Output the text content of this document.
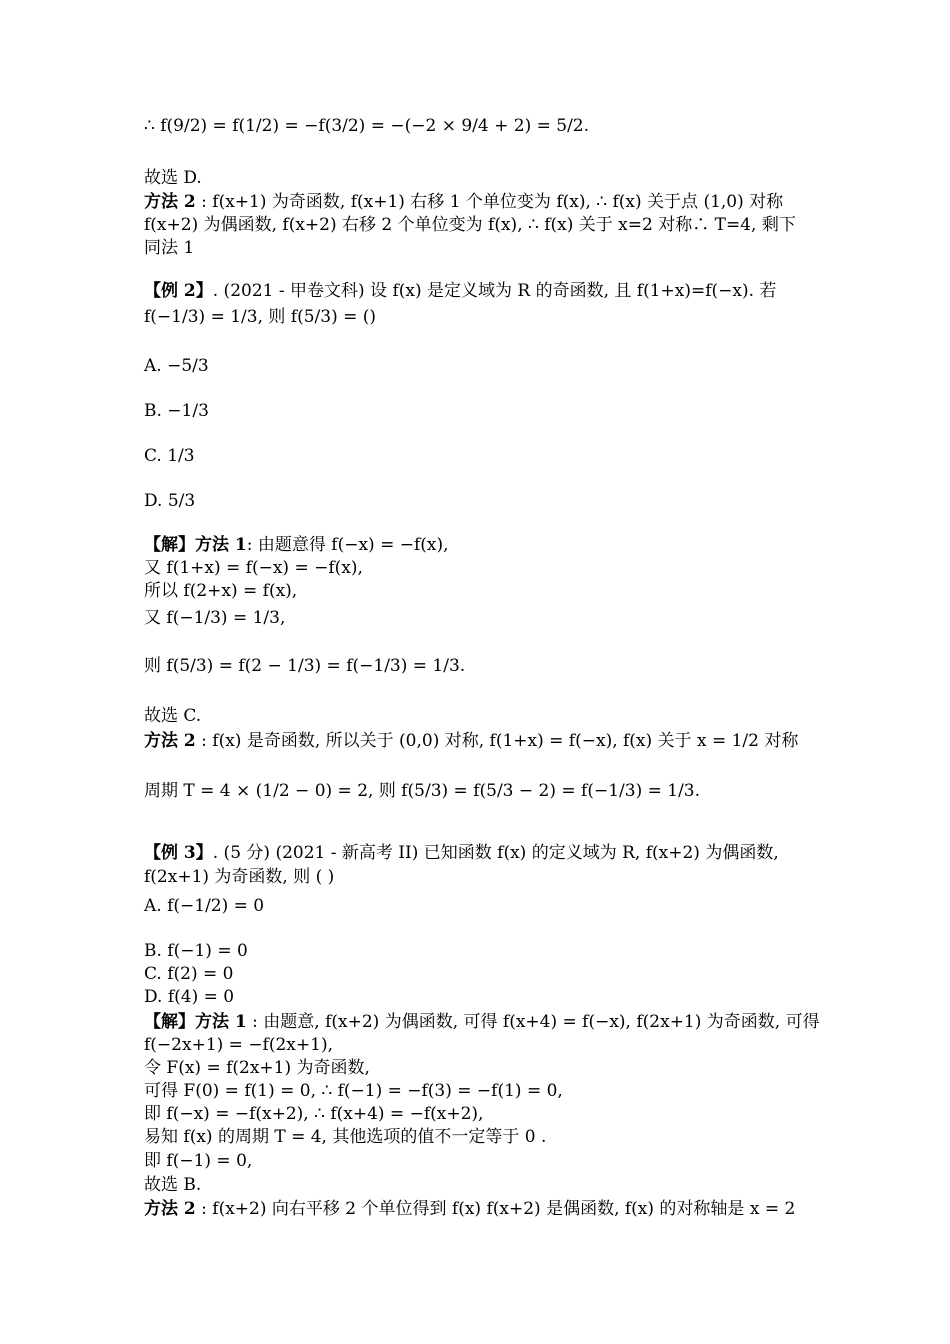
∴ f(9/2) = f(1/2) = −f(3/2) = −(−2 × 9/4 + 2) = 5/2.
故选 D.
方法 2 : f(x+1) 为奇函数, f(x+1) 右移 1 个单位变为 f(x), ∴ f(x) 关于点 (1,0) 对称
f(x+2) 为偶函数, f(x+2) 右移 2 个单位变为 f(x), ∴ f(x) 关于 x=2 对称∴ T=4, 剩下
同法 1
【例 2】. (2021 - 甲卷文科) 设 f(x) 是定义域为 R 的奇函数, 且 f(1+x)=f(−x). 若
f(−1/3) = 1/3, 则 f(5/3) = ()
A. −5/3
B. −1/3
C. 1/3
D. 5/3
【解】方法 1: 由题意得 f(−x) = −f(x),
又 f(1+x) = f(−x) = −f(x),
所以 f(2+x) = f(x),
又 f(−1/3) = 1/3,
则 f(5/3) = f(2 − 1/3) = f(−1/3) = 1/3.
故选 C.
方法 2 : f(x) 是奇函数, 所以关于 (0,0) 对称, f(1+x) = f(−x), f(x) 关于 x = 1/2 对称
周期 T = 4 × (1/2 − 0) = 2, 则 f(5/3) = f(5/3 − 2) = f(−1/3) = 1/3.
【例 3】. (5 分) (2021 - 新高考 II) 已知函数 f(x) 的定义域为 R, f(x+2) 为偶函数,
f(2x+1) 为奇函数, 则 ( )
A. f(−1/2) = 0
B. f(−1) = 0
C. f(2) = 0
D. f(4) = 0
【解】方法 1 : 由题意, f(x+2) 为偶函数, 可得 f(x+4) = f(−x), f(2x+1) 为奇函数, 可得
f(−2x+1) = −f(2x+1),
令 F(x) = f(2x+1) 为奇函数,
可得 F(0) = f(1) = 0, ∴ f(−1) = −f(3) = −f(1) = 0,
即 f(−x) = −f(x+2), ∴ f(x+4) = −f(x+2),
易知 f(x) 的周期 T = 4, 其他选项的值不一定等于 0 .
即 f(−1) = 0,
故选 B.
方法 2 : f(x+2) 向右平移 2 个单位得到 f(x) f(x+2) 是偶函数, f(x) 的对称轴是 x = 2
